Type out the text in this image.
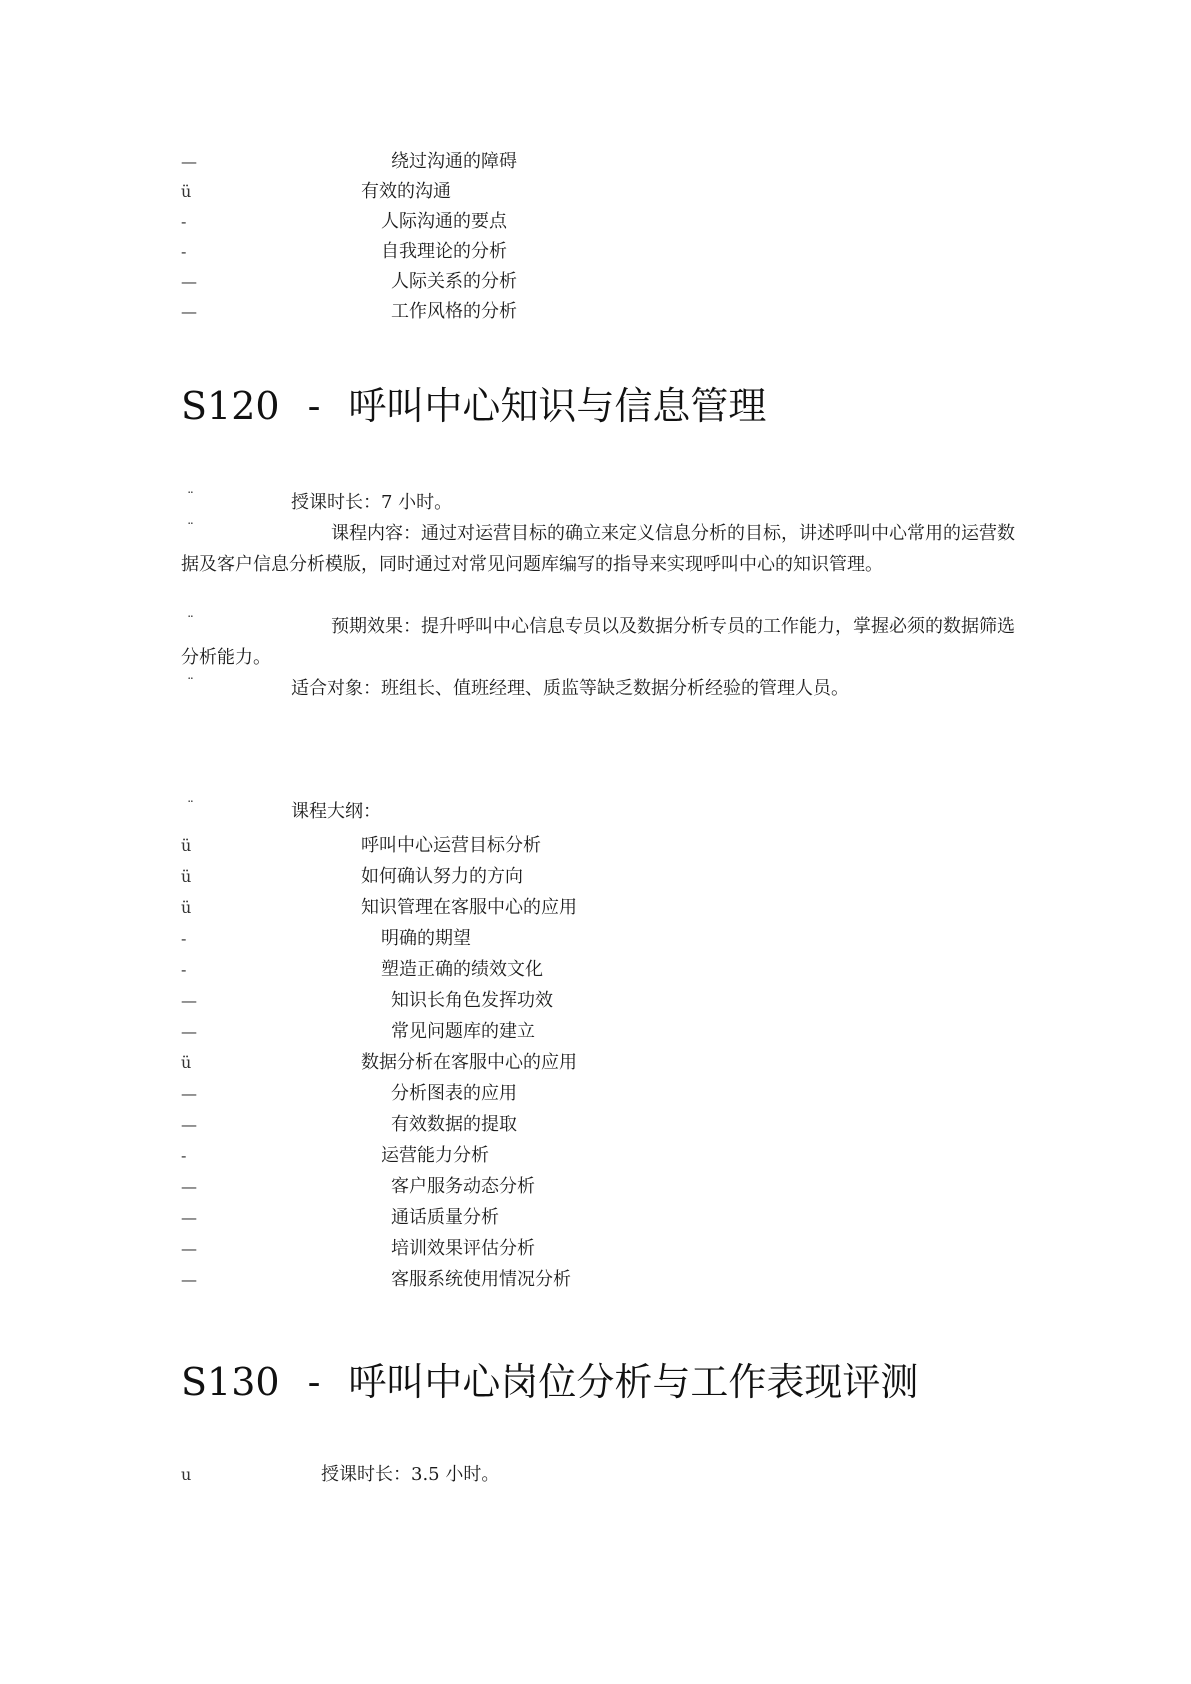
—	绕过沟通的障碍
ü	有效的沟通
-	人际沟通的要点
-	自我理论的分析
—	人际关系的分析
—	工作风格的分析
S120 - 呼叫中心知识与信息管理
¨	授课时长：7 小时。
¨	课程内容：通过对运营目标的确立来定义信息分析的目标，讲述呼叫中心常用的运营数据及客户信息分析模版，同时通过对常见问题库编写的指导来实现呼叫中心的知识管理。
¨	预期效果：提升呼叫中心信息专员以及数据分析专员的工作能力，掌握必须的数据筛选分析能力。
¨	适合对象：班组长、值班经理、质监等缺乏数据分析经验的管理人员。
¨	课程大纲：
ü	呼叫中心运营目标分析
ü	如何确认努力的方向
ü	知识管理在客服中心的应用
-	明确的期望
-	塑造正确的绩效文化
—	知识长角色发挥功效
—	常见问题库的建立
ü	数据分析在客服中心的应用
—	分析图表的应用
—	有效数据的提取
-	运营能力分析
—	客户服务动态分析
—	通话质量分析
—	培训效果评估分析
—	客服系统使用情况分析
S130 - 呼叫中心岗位分析与工作表现评测
u	授课时长：3.5 小时。
